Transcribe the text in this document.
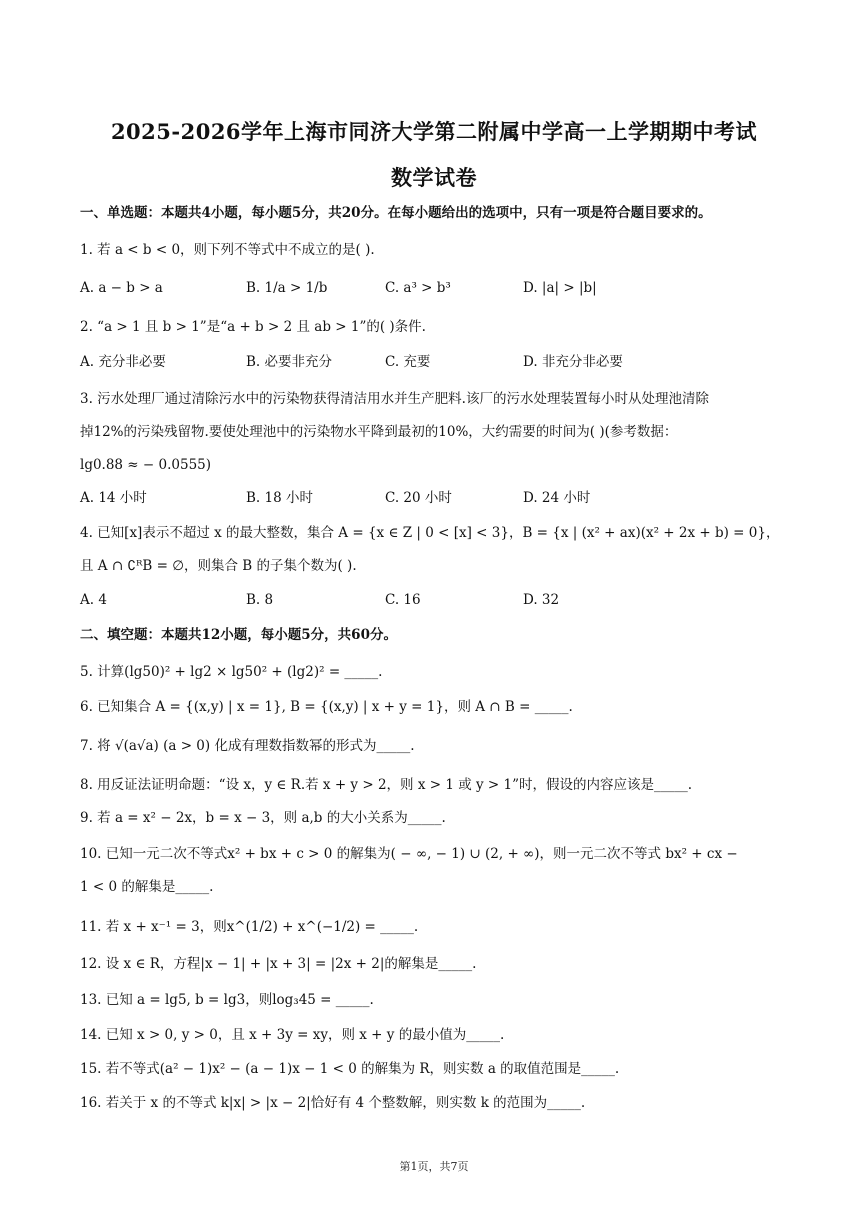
2025-2026学年上海市同济大学第二附属中学高一上学期期中考试
数学试卷
一、单选题：本题共4小题，每小题5分，共20分。在每小题给出的选项中，只有一项是符合题目要求的。
1. 若 a < b < 0，则下列不等式中不成立的是( ).
A. a − b > a	B. 1/a > 1/b	C. a³ > b³	D. |a| > |b|
2. “a > 1 且 b > 1”是“a + b > 2 且 ab > 1”的( )条件.
A. 充分非必要	B. 必要非充分	C. 充要	D. 非充分非必要
3. 污水处理厂通过清除污水中的污染物获得清洁用水并生产肥料.该厂的污水处理装置每小时从处理池清除
掉12%的污染残留物.要使处理池中的污染物水平降到最初的10%，大约需要的时间为( )(参考数据：
lg0.88 ≈ − 0.0555)
A. 14 小时	B. 18 小时	C. 20 小时	D. 24 小时
4. 已知[x]表示不超过 x 的最大整数，集合 A = {x ∈ Z | 0 < [x] < 3}，B = {x | (x² + ax)(x² + 2x + b) = 0}，
且 A ∩ ∁ᴿB = ∅，则集合 B 的子集个数为( ).
A. 4	B. 8	C. 16	D. 32
二、填空题：本题共12小题，每小题5分，共60分。
5. 计算(lg50)² + lg2 × lg50² + (lg2)² = _____.
6. 已知集合 A = {(x,y) | x = 1}, B = {(x,y) | x + y = 1}，则 A ∩ B = _____.
7. 将 √(a√a) (a > 0) 化成有理数指数幂的形式为_____.
8. 用反证法证明命题：“设 x，y ∈ R.若 x + y > 2，则 x > 1 或 y > 1”时，假设的内容应该是_____.
9. 若 a = x² − 2x，b = x − 3，则 a,b 的大小关系为_____.
10. 已知一元二次不等式x² + bx + c > 0 的解集为( − ∞, − 1) ∪ (2, + ∞)，则一元二次不等式 bx² + cx −
1 < 0 的解集是_____.
11. 若 x + x⁻¹ = 3，则x^(1/2) + x^(−1/2) = _____.
12. 设 x ∈ R，方程|x − 1| + |x + 3| = |2x + 2|的解集是_____.
13. 已知 a = lg5, b = lg3，则log₃45 = _____.
14. 已知 x > 0, y > 0，且 x + 3y = xy，则 x + y 的最小值为_____.
15. 若不等式(a² − 1)x² − (a − 1)x − 1 < 0 的解集为 R，则实数 a 的取值范围是_____.
16. 若关于 x 的不等式 k|x| > |x − 2|恰好有 4 个整数解，则实数 k 的范围为_____.
第1页，共7页
